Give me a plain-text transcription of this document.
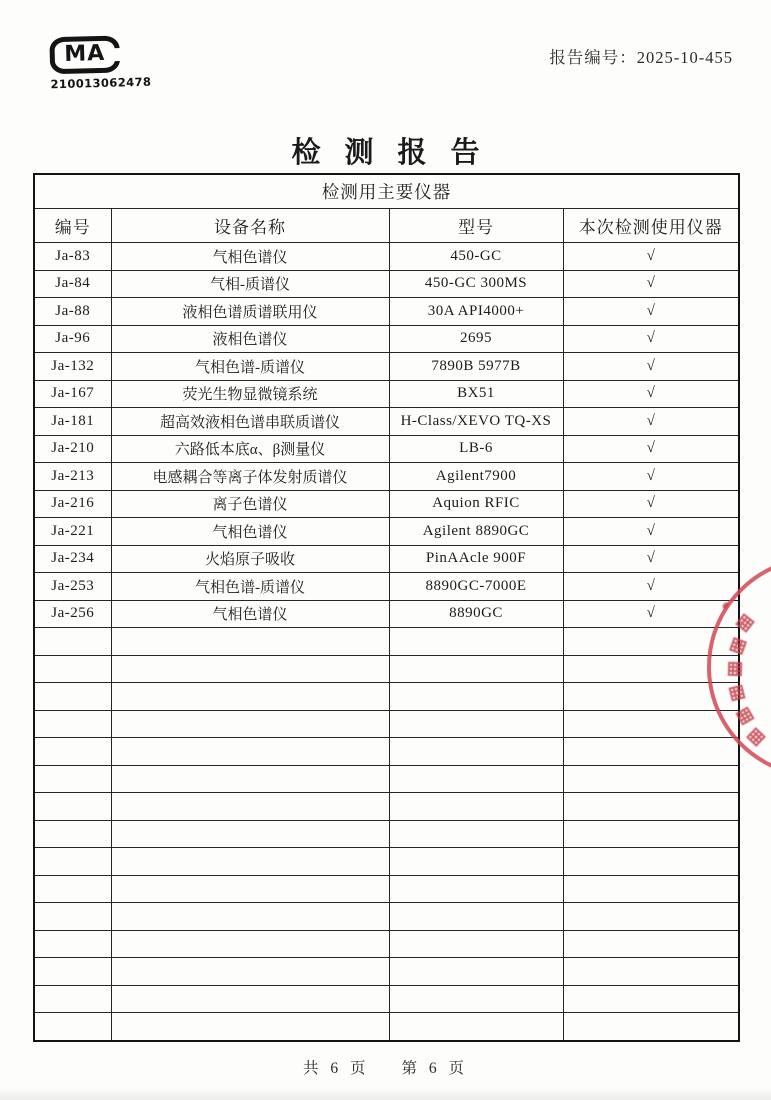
MA
210013062478
报告编号：2025-10-455
检测报告
检测用主要仪器			
编号	设备名称	型号	本次检测使用仪器
Ja-83	气相色谱仪	450-GC	√
Ja-84	气相-质谱仪	450-GC 300MS	√
Ja-88	液相色谱质谱联用仪	30A API4000+	√
Ja-96	液相色谱仪	2695	√
Ja-132	气相色谱-质谱仪	7890B 5977B	√
Ja-167	荧光生物显微镜系统	BX51	√
Ja-181	超高效液相色谱串联质谱仪	H-Class/XEVO TQ-XS	√
Ja-210	六路低本底α、β测量仪	LB-6	√
Ja-213	电感耦合等离子体发射质谱仪	Agilent7900	√
Ja-216	离子色谱仪	Aquion RFIC	√
Ja-221	气相色谱仪	Agilent 8890GC	√
Ja-234	火焰原子吸收	PinAAcle 900F	√
Ja-253	气相色谱-质谱仪	8890GC-7000E	√
Ja-256	气相色谱仪	8890GC	√

共 6 页 第 6 页
